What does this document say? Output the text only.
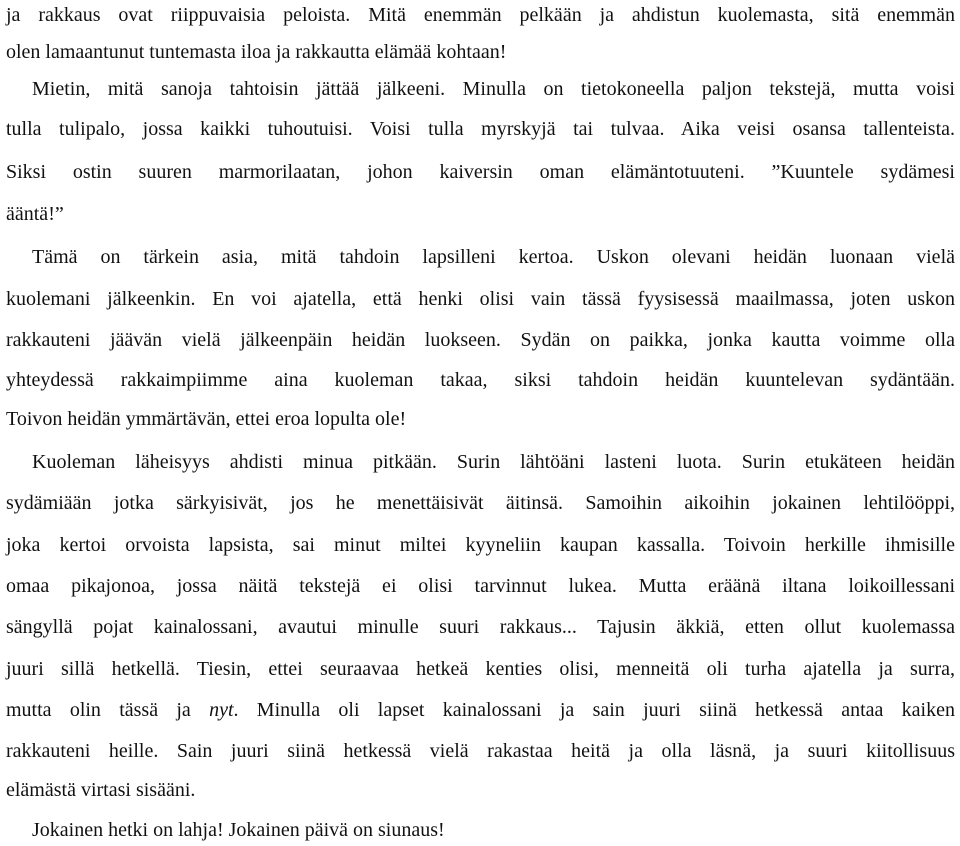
ja rakkaus ovat riippuvaisia peloista. Mitä enemmän pelkään ja ahdistun kuolemasta, sitä enemmän
olen lamaantunut tuntemasta iloa ja rakkautta elämää kohtaan!
Mietin, mitä sanoja tahtoisin jättää jälkeeni. Minulla on tietokoneella paljon tekstejä, mutta voisi
tulla tulipalo, jossa kaikki tuhoutuisi. Voisi tulla myrskyjä tai tulvaa. Aika veisi osansa tallenteista.
Siksi ostin suuren marmorilaatan, johon kaiversin oman elämäntotuuteni. ”Kuuntele sydämesi
ääntä!”
Tämä on tärkein asia, mitä tahdoin lapsilleni kertoa. Uskon olevani heidän luonaan vielä
kuolemani jälkeenkin. En voi ajatella, että henki olisi vain tässä fyysisessä maailmassa, joten uskon
rakkauteni jäävän vielä jälkeenpäin heidän luokseen. Sydän on paikka, jonka kautta voimme olla
yhteydessä rakkaimpiimme aina kuoleman takaa, siksi tahdoin heidän kuuntelevan sydäntään.
Toivon heidän ymmärtävän, ettei eroa lopulta ole!
Kuoleman läheisyys ahdisti minua pitkään. Surin lähtöäni lasteni luota. Surin etukäteen heidän
sydämiään jotka särkyisivät, jos he menettäisivät äitinsä. Samoihin aikoihin jokainen lehtilööppi,
joka kertoi orvoista lapsista, sai minut miltei kyyneliin kaupan kassalla. Toivoin herkille ihmisille
omaa pikajonoa, jossa näitä tekstejä ei olisi tarvinnut lukea. Mutta eräänä iltana loikoillessani
sängyllä pojat kainalossani, avautui minulle suuri rakkaus... Tajusin äkkiä, etten ollut kuolemassa
juuri sillä hetkellä. Tiesin, ettei seuraavaa hetkeä kenties olisi, menneitä oli turha ajatella ja surra,
mutta olin tässä ja nyt. Minulla oli lapset kainalossani ja sain juuri siinä hetkessä antaa kaiken
rakkauteni heille. Sain juuri siinä hetkessä vielä rakastaa heitä ja olla läsnä, ja suuri kiitollisuus
elämästä virtasi sisääni.
Jokainen hetki on lahja! Jokainen päivä on siunaus!
